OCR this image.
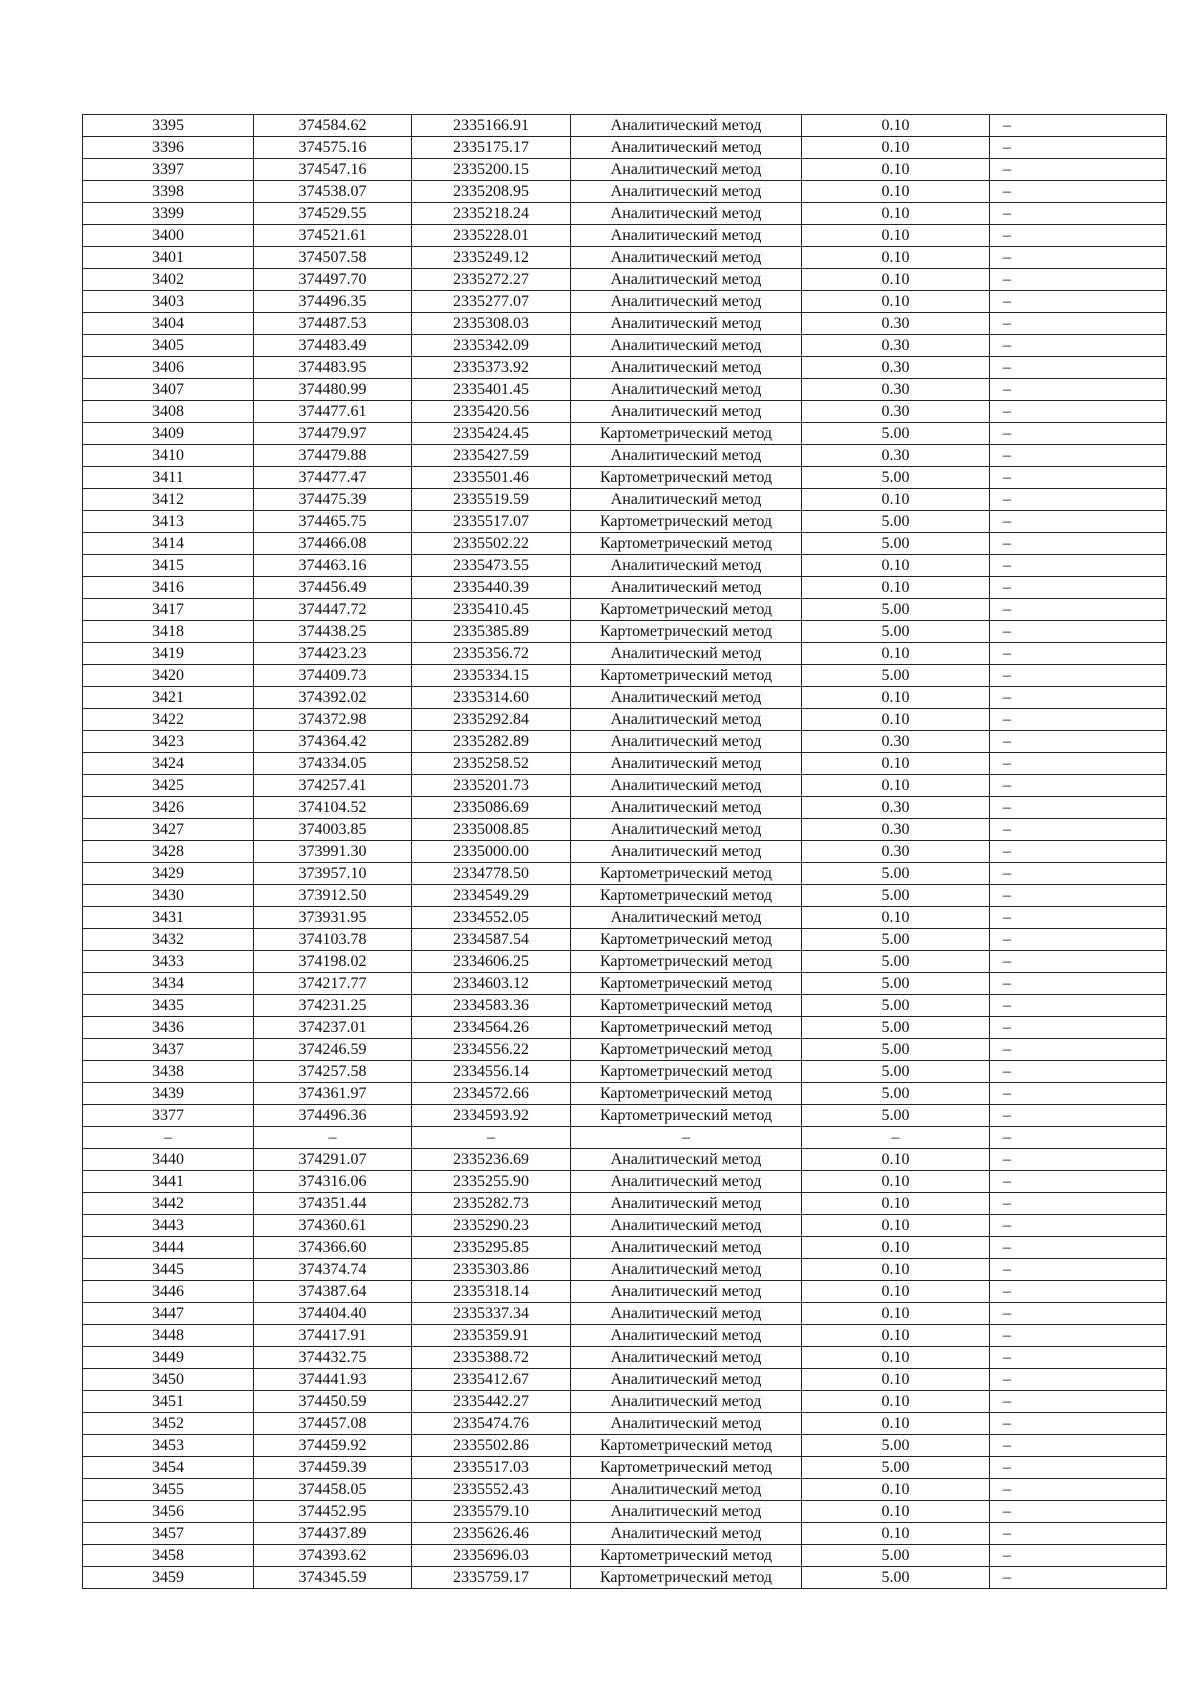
3395	374584.62	2335166.91	Аналитический метод	0.10	–
3396	374575.16	2335175.17	Аналитический метод	0.10	–
3397	374547.16	2335200.15	Аналитический метод	0.10	–
3398	374538.07	2335208.95	Аналитический метод	0.10	–
3399	374529.55	2335218.24	Аналитический метод	0.10	–
3400	374521.61	2335228.01	Аналитический метод	0.10	–
3401	374507.58	2335249.12	Аналитический метод	0.10	–
3402	374497.70	2335272.27	Аналитический метод	0.10	–
3403	374496.35	2335277.07	Аналитический метод	0.10	–
3404	374487.53	2335308.03	Аналитический метод	0.30	–
3405	374483.49	2335342.09	Аналитический метод	0.30	–
3406	374483.95	2335373.92	Аналитический метод	0.30	–
3407	374480.99	2335401.45	Аналитический метод	0.30	–
3408	374477.61	2335420.56	Аналитический метод	0.30	–
3409	374479.97	2335424.45	Картометрический метод	5.00	–
3410	374479.88	2335427.59	Аналитический метод	0.30	–
3411	374477.47	2335501.46	Картометрический метод	5.00	–
3412	374475.39	2335519.59	Аналитический метод	0.10	–
3413	374465.75	2335517.07	Картометрический метод	5.00	–
3414	374466.08	2335502.22	Картометрический метод	5.00	–
3415	374463.16	2335473.55	Аналитический метод	0.10	–
3416	374456.49	2335440.39	Аналитический метод	0.10	–
3417	374447.72	2335410.45	Картометрический метод	5.00	–
3418	374438.25	2335385.89	Картометрический метод	5.00	–
3419	374423.23	2335356.72	Аналитический метод	0.10	–
3420	374409.73	2335334.15	Картометрический метод	5.00	–
3421	374392.02	2335314.60	Аналитический метод	0.10	–
3422	374372.98	2335292.84	Аналитический метод	0.10	–
3423	374364.42	2335282.89	Аналитический метод	0.30	–
3424	374334.05	2335258.52	Аналитический метод	0.10	–
3425	374257.41	2335201.73	Аналитический метод	0.10	–
3426	374104.52	2335086.69	Аналитический метод	0.30	–
3427	374003.85	2335008.85	Аналитический метод	0.30	–
3428	373991.30	2335000.00	Аналитический метод	0.30	–
3429	373957.10	2334778.50	Картометрический метод	5.00	–
3430	373912.50	2334549.29	Картометрический метод	5.00	–
3431	373931.95	2334552.05	Аналитический метод	0.10	–
3432	374103.78	2334587.54	Картометрический метод	5.00	–
3433	374198.02	2334606.25	Картометрический метод	5.00	–
3434	374217.77	2334603.12	Картометрический метод	5.00	–
3435	374231.25	2334583.36	Картометрический метод	5.00	–
3436	374237.01	2334564.26	Картометрический метод	5.00	–
3437	374246.59	2334556.22	Картометрический метод	5.00	–
3438	374257.58	2334556.14	Картометрический метод	5.00	–
3439	374361.97	2334572.66	Картометрический метод	5.00	–
3377	374496.36	2334593.92	Картометрический метод	5.00	–
–	–	–	–	–	–
3440	374291.07	2335236.69	Аналитический метод	0.10	–
3441	374316.06	2335255.90	Аналитический метод	0.10	–
3442	374351.44	2335282.73	Аналитический метод	0.10	–
3443	374360.61	2335290.23	Аналитический метод	0.10	–
3444	374366.60	2335295.85	Аналитический метод	0.10	–
3445	374374.74	2335303.86	Аналитический метод	0.10	–
3446	374387.64	2335318.14	Аналитический метод	0.10	–
3447	374404.40	2335337.34	Аналитический метод	0.10	–
3448	374417.91	2335359.91	Аналитический метод	0.10	–
3449	374432.75	2335388.72	Аналитический метод	0.10	–
3450	374441.93	2335412.67	Аналитический метод	0.10	–
3451	374450.59	2335442.27	Аналитический метод	0.10	–
3452	374457.08	2335474.76	Аналитический метод	0.10	–
3453	374459.92	2335502.86	Картометрический метод	5.00	–
3454	374459.39	2335517.03	Картометрический метод	5.00	–
3455	374458.05	2335552.43	Аналитический метод	0.10	–
3456	374452.95	2335579.10	Аналитический метод	0.10	–
3457	374437.89	2335626.46	Аналитический метод	0.10	–
3458	374393.62	2335696.03	Картометрический метод	5.00	–
3459	374345.59	2335759.17	Картометрический метод	5.00	–
